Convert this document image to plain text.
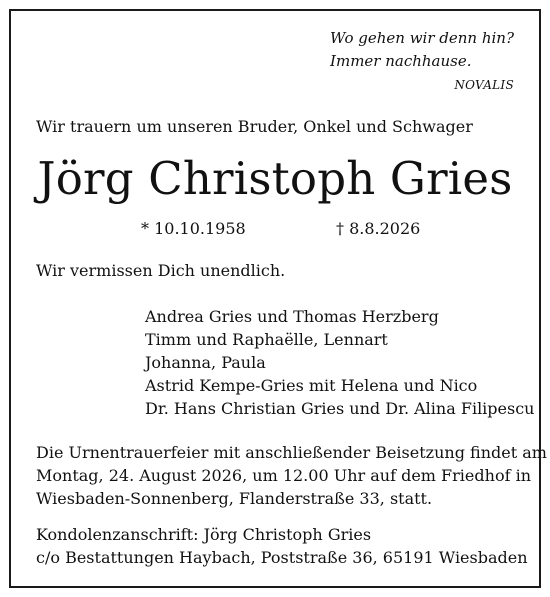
Wo gehen wir denn hin?
Immer nachhause.
NOVALIS
Wir trauern um unseren Bruder, Onkel und Schwager
Jörg Christoph Gries
* 10.10.1958	† 8.8.2026
Wir vermissen Dich unendlich.
Andrea Gries und Thomas Herzberg
Timm und Raphaëlle, Lennart
Johanna, Paula
Astrid Kempe-Gries mit Helena und Nico
Dr. Hans Christian Gries und Dr. Alina Filipescu
Die Urnentrauerfeier mit anschließender Beisetzung findet am
Montag, 24. August 2026, um 12.00 Uhr auf dem Friedhof in
Wiesbaden-Sonnenberg, Flanderstraße 33, statt.
Kondolenzanschrift: Jörg Christoph Gries
c/o Bestattungen Haybach, Poststraße 36, 65191 Wiesbaden
